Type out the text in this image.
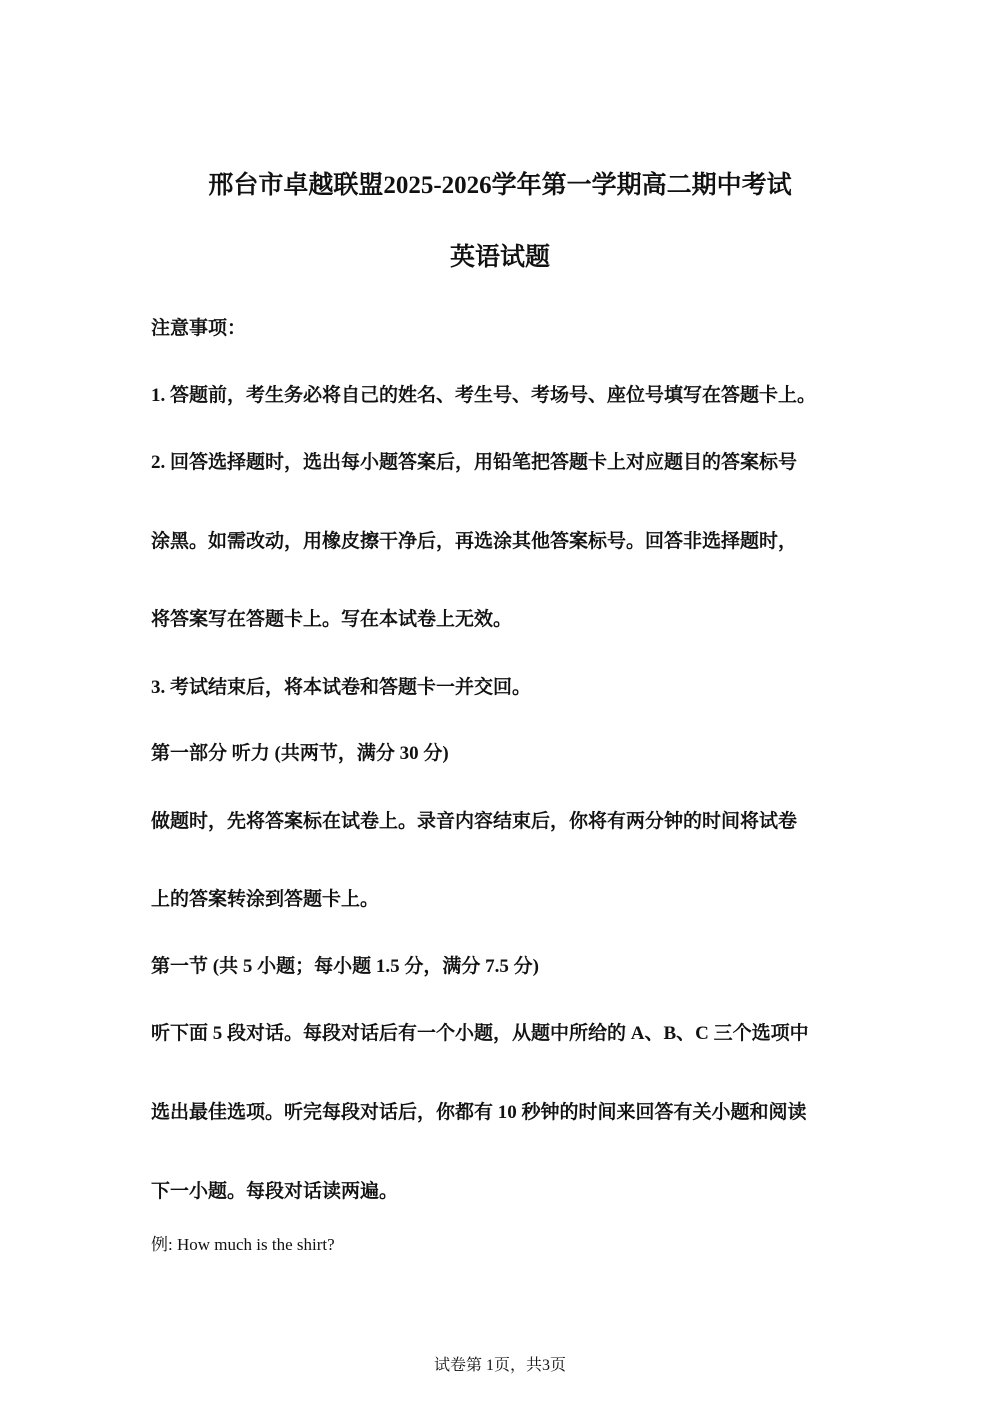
邢台市卓越联盟2025-2026学年第一学期高二期中考试
英语试题
注意事项：
1. 答题前，考生务必将自己的姓名、考生号、考场号、座位号填写在答题卡上。
2. 回答选择题时，选出每小题答案后，用铅笔把答题卡上对应题目的答案标号
涂黑。如需改动，用橡皮擦干净后，再选涂其他答案标号。回答非选择题时，
将答案写在答题卡上。写在本试卷上无效。
3. 考试结束后，将本试卷和答题卡一并交回。
第一部分 听力 (共两节，满分 30 分)
做题时，先将答案标在试卷上。录音内容结束后，你将有两分钟的时间将试卷
上的答案转涂到答题卡上。
第一节 (共 5 小题；每小题 1.5 分，满分 7.5 分)
听下面 5 段对话。每段对话后有一个小题，从题中所给的 A、B、C 三个选项中
选出最佳选项。听完每段对话后，你都有 10 秒钟的时间来回答有关小题和阅读
下一小题。每段对话读两遍。
例: How much is the shirt?
试卷第 1页，共3页
